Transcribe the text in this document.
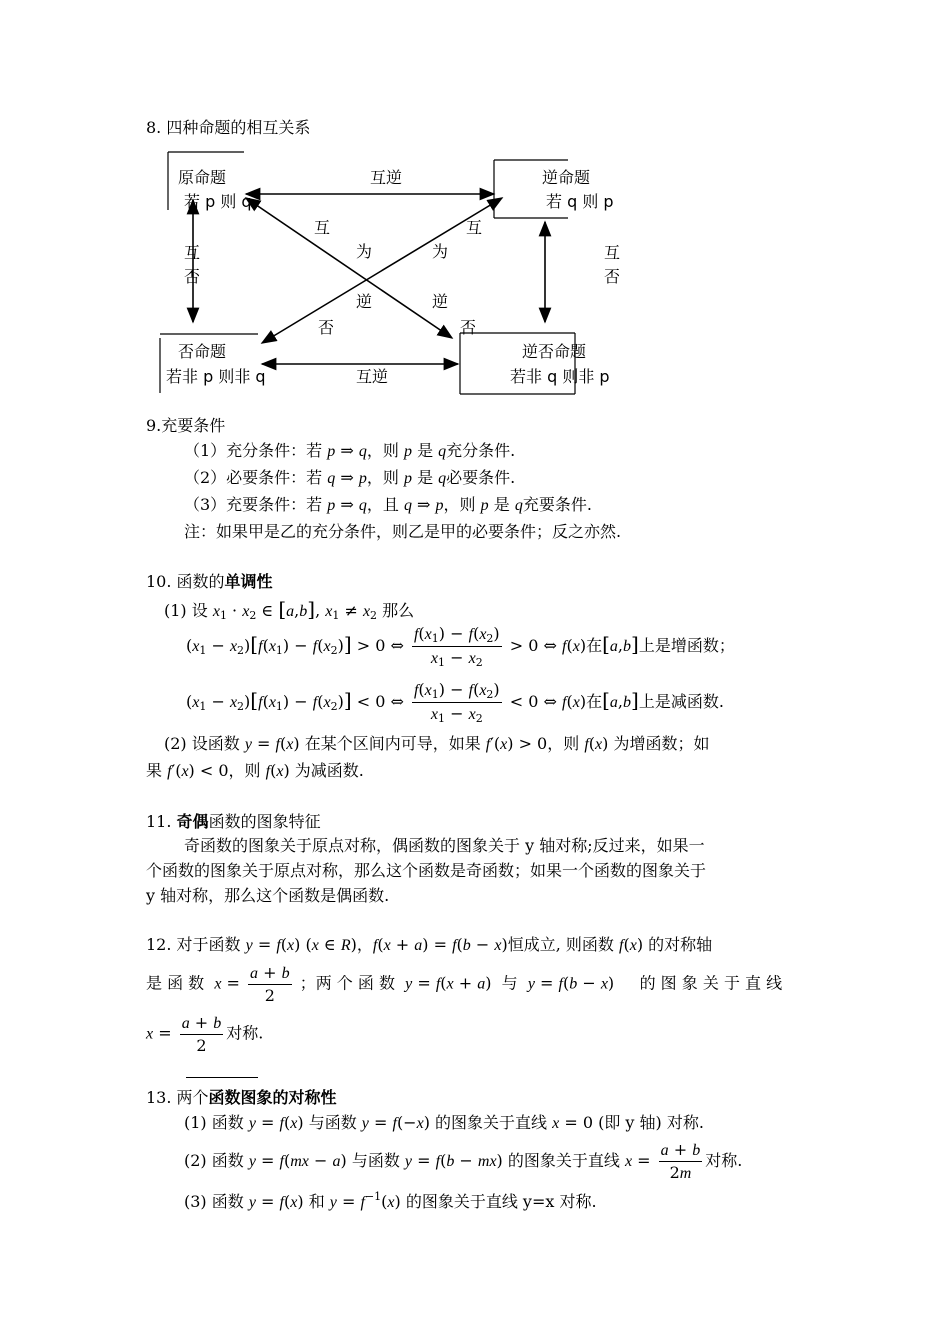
8. 四种命题的相互关系
原命题
若 p 则 q
逆命题
若 q 则 p
否命题
若非 p 则非 q
逆否命题
若非 q 则非 p
互逆
互逆
互
否
互
否
互
为
逆
否
互
为
逆
否
9.充要条件
（1）充分条件：若 p ⇒ q，则 p 是 q充分条件.
（2）必要条件：若 q ⇒ p，则 p 是 q必要条件.
（3）充要条件：若 p ⇒ q，且 q ⇒ p，则 p 是 q充要条件.
注：如果甲是乙的充分条件，则乙是甲的必要条件；反之亦然.
10. 函数的单调性
(1) 设 $x_1 \cdot x_2$ ∈ [a,b], $x_1 \ne x_2$ 那么
$(x_1 - x_2)[f(x_1) - f(x_2)] > 0$ ⇔ $\frac{f(x_1) - f(x_2)}{x_1 - x_2} > 0$ ⇔ f(x)在[a,b]上是增函数；
$(x_1 - x_2)[f(x_1) - f(x_2)] < 0$ ⇔ $\frac{f(x_1) - f(x_2)}{x_1 - x_2} < 0$ ⇔ f(x)在[a,b]上是减函数.
(2) 设函数 y = f(x) 在某个区间内可导，如果 f′(x) > 0，则 f(x) 为增函数；如
果 f′(x) < 0，则 f(x) 为减函数.
11. 奇偶函数的图象特征
奇函数的图象关于原点对称，偶函数的图象关于 y 轴对称;反过来，如果一
个函数的图象关于原点对称，那么这个函数是奇函数；如果一个函数的图象关于
y 轴对称，那么这个函数是偶函数.
12. 对于函数 y = f(x) (x ∈ R)，f(x + a) = f(b − x)恒成立, 则函数 f(x) 的对称轴
是 函 数 $x = \frac{a + b}{2}$ ；两 个 函 数 y = f(x + a)  与 y = f(b − x)     的 图 象 关 于 直 线
$x = \frac{a + b}{2}$ 对称.
13. 两个函数图象的对称性
(1) 函数 y = f(x) 与函数 y = f(−x) 的图象关于直线 x = 0 (即 y 轴) 对称.
(2) 函数 y = f(mx − a) 与函数 y = f(b − mx) 的图象关于直线 $x = \frac{a + b}{2m}$ 对称.
(3) 函数 y = f(x) 和 $y = f^{-1}(x)$ 的图象关于直线 y=x 对称.
